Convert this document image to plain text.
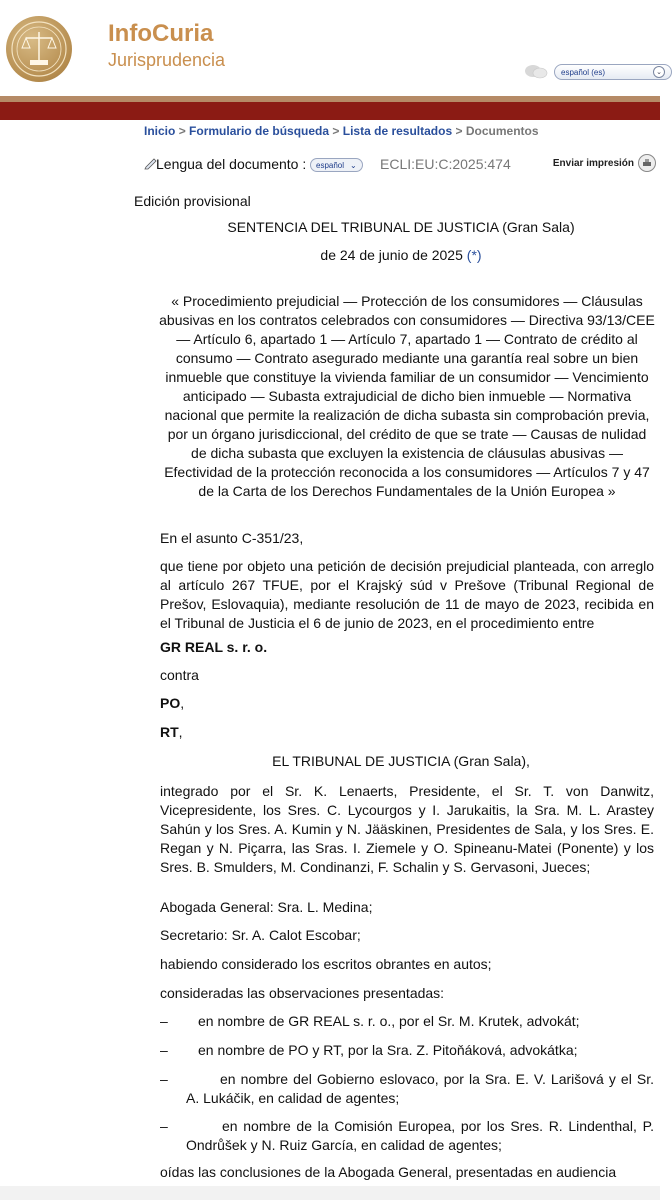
InfoCuria
Jurisprudencia
español (es)	⌄
Inicio > Formulario de búsqueda > Lista de resultados > Documentos
Lengua del documento : español ⌄ ECLI:EU:C:2025:474	Enviar impresión
Edición provisional
SENTENCIA DEL TRIBUNAL DE JUSTICIA (Gran Sala)
de 24 de junio de 2025 (*)
« Procedimiento prejudicial — Protección de los consumidores — Cláusulas abusivas en los contratos celebrados con consumidores — Directiva 93/13/CEE — Artículo 6, apartado 1 — Artículo 7, apartado 1 — Contrato de crédito al consumo — Contrato asegurado mediante una garantía real sobre un bien inmueble que constituye la vivienda familiar de un consumidor — Vencimiento anticipado — Subasta extrajudicial de dicho bien inmueble — Normativa nacional que permite la realización de dicha subasta sin comprobación previa, por un órgano jurisdiccional, del crédito de que se trate — Causas de nulidad de dicha subasta que excluyen la existencia de cláusulas abusivas — Efectividad de la protección reconocida a los consumidores — Artículos 7 y 47 de la Carta de los Derechos Fundamentales de la Unión Europea »
En el asunto C-351/23,
que tiene por objeto una petición de decisión prejudicial planteada, con arreglo al artículo 267 TFUE, por el Krajský súd v Prešove (Tribunal Regional de Prešov, Eslovaquia), mediante resolución de 11 de mayo de 2023, recibida en el Tribunal de Justicia el 6 de junio de 2023, en el procedimiento entre
GR REAL s. r. o.
contra
PO,
RT,
EL TRIBUNAL DE JUSTICIA (Gran Sala),
integrado por el Sr. K. Lenaerts, Presidente, el Sr. T. von Danwitz, Vicepresidente, los Sres. C. Lycourgos y I. Jarukaitis, la Sra. M. L. Arastey Sahún y los Sres. A. Kumin y N. Jääskinen, Presidentes de Sala, y los Sres. E. Regan y N. Piçarra, las Sras. I. Ziemele y O. Spineanu-Matei (Ponente) y los Sres. B. Smulders, M. Condinanzi, F. Schalin y S. Gervasoni, Jueces;
Abogada General: Sra. L. Medina;
Secretario: Sr. A. Calot Escobar;
habiendo considerado los escritos obrantes en autos;
consideradas las observaciones presentadas:
– en nombre de GR REAL s. r. o., por el Sr. M. Krutek, advokát;
– en nombre de PO y RT, por la Sra. Z. Pitoňáková, advokátka;
–	en nombre del Gobierno eslovaco, por la Sra. E. V. Larišová y el Sr. A. Lukáčik, en calidad de agentes;
–	en nombre de la Comisión Europea, por los Sres. R. Lindenthal, P. Ondrůšek y N. Ruiz García, en calidad de agentes;
oídas las conclusiones de la Abogada General, presentadas en audiencia
